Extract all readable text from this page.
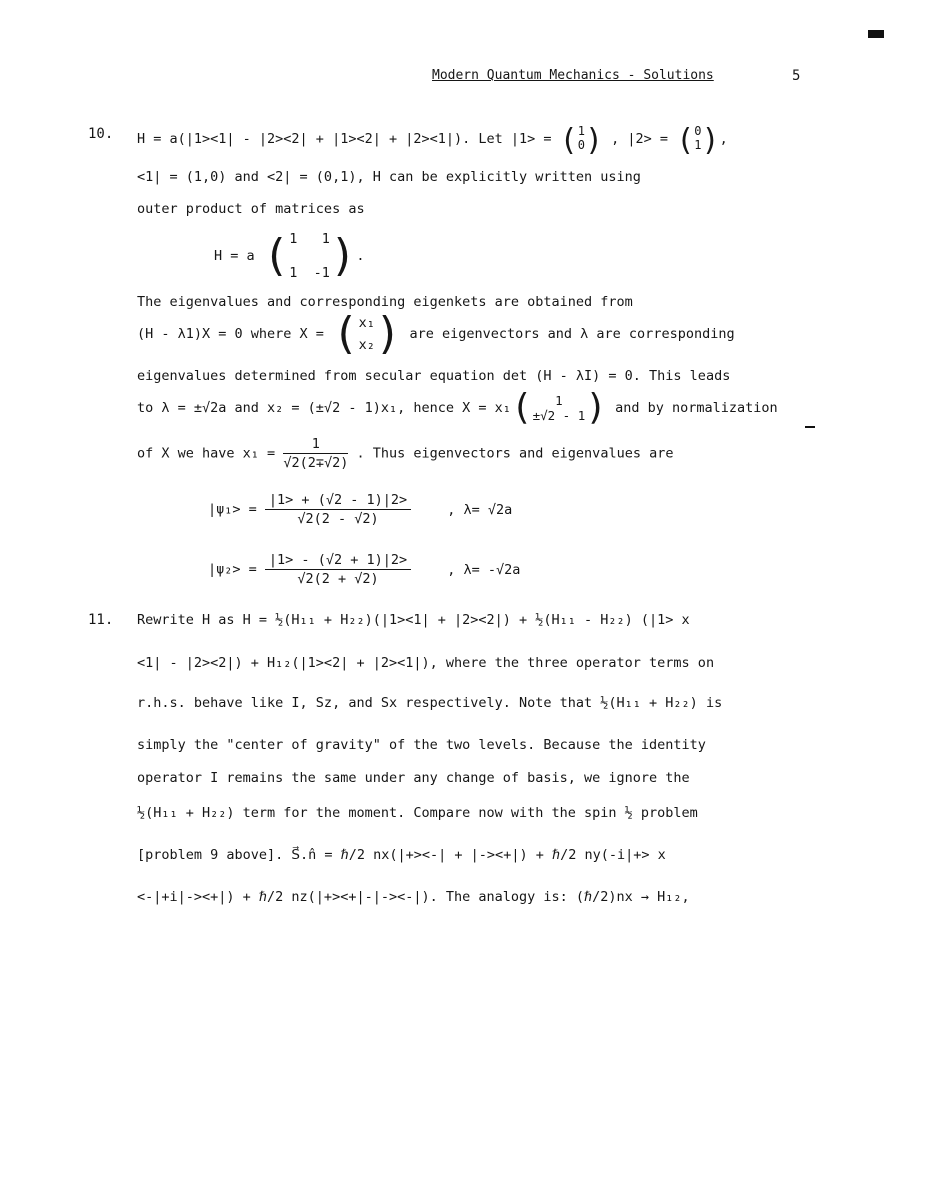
Modern Quantum Mechanics - Solutions	5
10. H = a(|1><1| - |2><2| + |1><2| + |2><1|). Let |1> = ( 1
0 ) , |2> = ( 0
1 ),
<1| = (1,0) and <2| = (0,1), H can be explicitly written using
outer product of matrices as
H = a ( 1   1
1  -1 ).
The eigenvalues and corresponding eigenkets are obtained from
(H - λ1)X = 0 where X = ( x₁
x₂ ) are eigenvectors and λ are corresponding
eigenvalues determined from secular equation det (H - λI) = 0. This leads
to λ = ±√2a and x₂ = (±√2 - 1)x₁, hence X = x₁(	1
±√2 - 1 ) and by normalization
of X we have $x_1 = \frac{1}{√2(2\mp√2)}$ . Thus eigenvectors and eigenvalues are
$|\psi_1> = \frac{|1> + (√2 - 1)|2>}{√2(2 - √2)}$	, λ= √2a
$|\psi_2> = \frac{|1> - (√2 + 1)|2>}{√2(2 + √2)}$	, λ= -√2a
11. Rewrite H as H = ½(H₁₁ + H₂₂)(|1><1| + |2><2|) + ½(H₁₁ - H₂₂) (|1> x
<1| - |2><2|) + H₁₂(|1><2| + |2><1|), where the three operator terms on
r.h.s. behave like I, Sz, and Sx respectively. Note that ½(H₁₁ + H₂₂) is
simply the "center of gravity" of the two levels. Because the identity
operator I remains the same under any change of basis, we ignore the
½(H₁₁ + H₂₂) term for the moment. Compare now with the spin ½ problem
[problem 9 above]. S⃗.n̂ = ℏ/2 nx(|+><-| + |-><+|) + ℏ/2 ny(-i|+> x
<-|+i|-><+|) + ℏ/2 nz(|+><+|-|-><-|). The analogy is: (ℏ/2)nx → H₁₂,
